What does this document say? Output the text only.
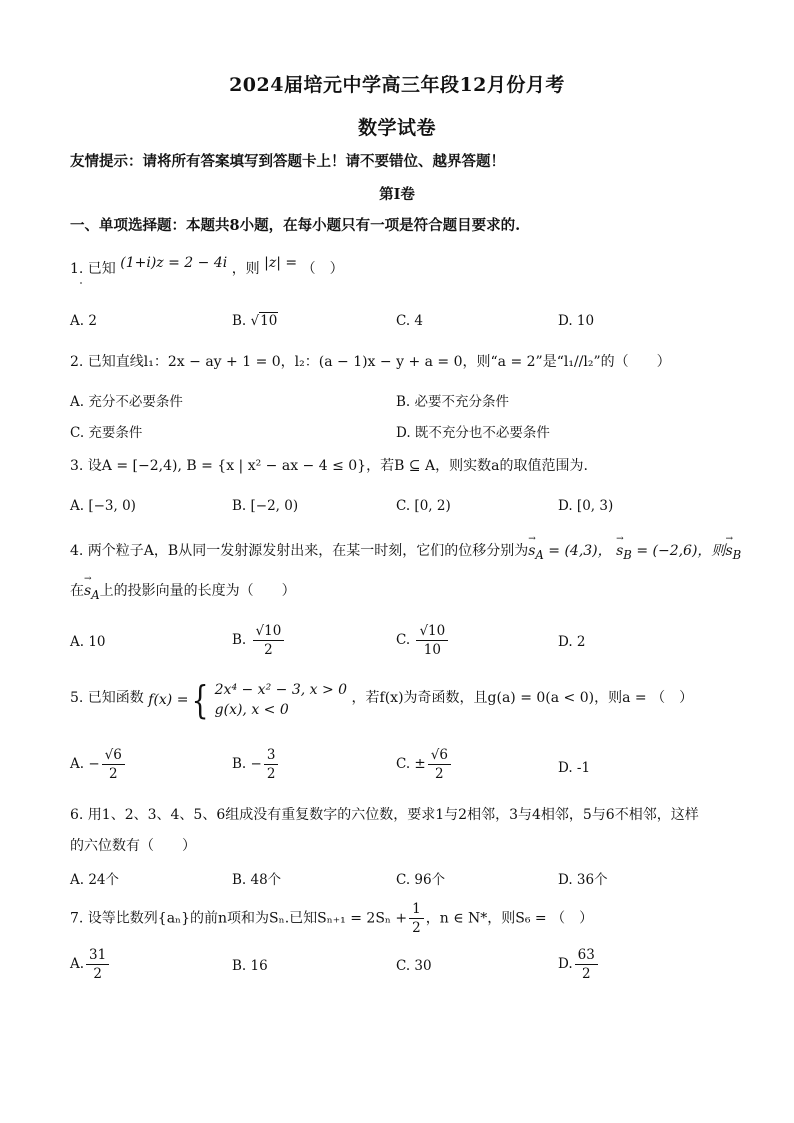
2024届培元中学高三年段12月份月考
数学试卷
友情提示：请将所有答案填写到答题卡上！请不要错位、越界答题！
第Ⅰ卷
一、单项选择题：本题共8小题，在每小题只有一项是符合题目要求的.
1. 已知 (1+i)z = 2 − 4i ，则 |z| = （　）
A. 2	B. √10	C. 4	D. 10
2. 已知直线l₁：2x − ay + 1 = 0，l₂：(a − 1)x − y + a = 0，则“a = 2”是“l₁//l₂”的（　　）
A. 充分不必要条件	B. 必要不充分条件
C. 充要条件	D. 既不充分也不必要条件
3. 设A = [−2,4), B = {x | x² − ax − 4 ≤ 0}，若B ⊆ A，则实数a的取值范围为.
A. [−3, 0)	B. [−2, 0)	C. [0, 2)	D. [0, 3)
4. 两个粒子A，B从同一发射源发射出来，在某一时刻，它们的位移分别为→ $s_A = (4,3)$， → $s_B = (-2,6)$，则→ $s_B$
在→ $s_A$上的投影向量的长度为（　　）
A. 10	B. $\frac{√10}{2}$	C. $\frac{√10}{10}$	D. 2
5. 已知函数 f(x) = { 2x⁴ − x² − 3, x > 0
g(x), x < 0
，若f(x)为奇函数，且g(a) = 0(a < 0)，则a = （　）
A. − $\frac{√6}{2}$	B. − $\frac{3}{2}$	C. ± $\frac{√6}{2}$	D. -1
6. 用1、2、3、4、5、6组成没有重复数字的六位数，要求1与2相邻，3与4相邻，5与6不相邻，这样
的六位数有（　　）
A. 24个	B. 48个	C. 96个	D. 36个
7. 设等比数列{aₙ}的前n项和为Sₙ.已知$S_{n+1} = 2S_n + \frac{1}{2}$ ，n ∈ N*，则S₆ = （　）
A. $\frac{31}{2}$	B. 16	C. 30	D. $\frac{63}{2}$
